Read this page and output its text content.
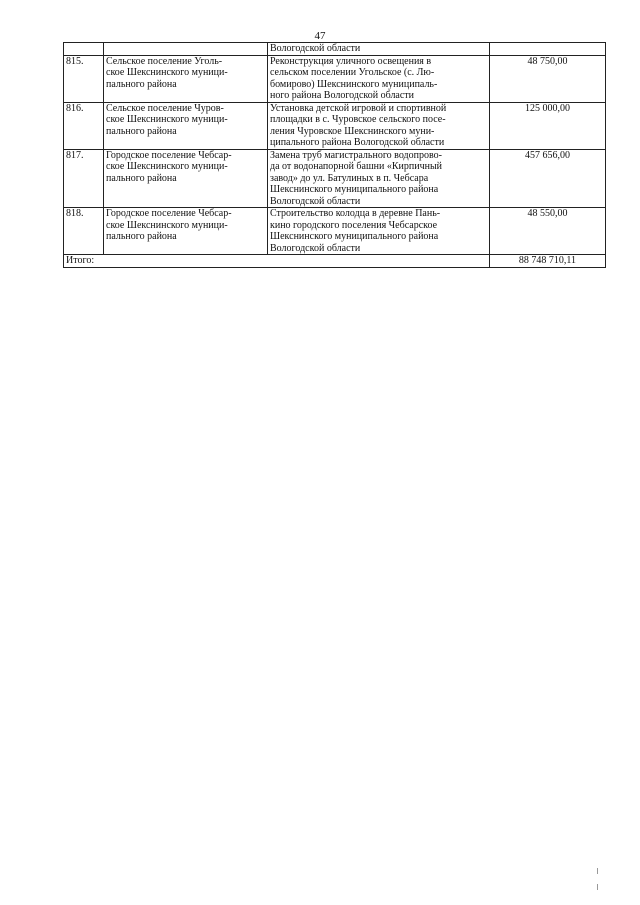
47

		Вологодской области	

815.	Сельское поселение Уголь-
ское Шекснинского муници-
пального района	Реконструкция уличного освещения в
сельском поселении Угольское (с. Лю-
бомирово) Шекснинского муниципаль-
ного района Вологодской области	48 750,00
816.	Сельское поселение Чуров-
ское Шекснинского муници-
пального района	Установка детской игровой и спортивной
площадки в с. Чуровское сельского посе-
ления Чуровское Шекснинского муни-
ципального района Вологодской области	125 000,00
817.	Городское поселение Чебсар-
ское Шекснинского муници-
пального района	Замена труб магистрального водопрово-
да от водонапорной башни «Кирпичный
завод» до ул. Батулиных в п. Чебсара
Шекснинского муниципального района
Вологодской области	457 656,00
818.	Городское поселение Чебсар-
ское Шекснинского муници-
пального района	Строительство колодца в деревне Пань-
кино городского поселения Чебсарское
Шекснинского муниципального района
Вологодской области	48 550,00
Итого:			88 748 710,11
